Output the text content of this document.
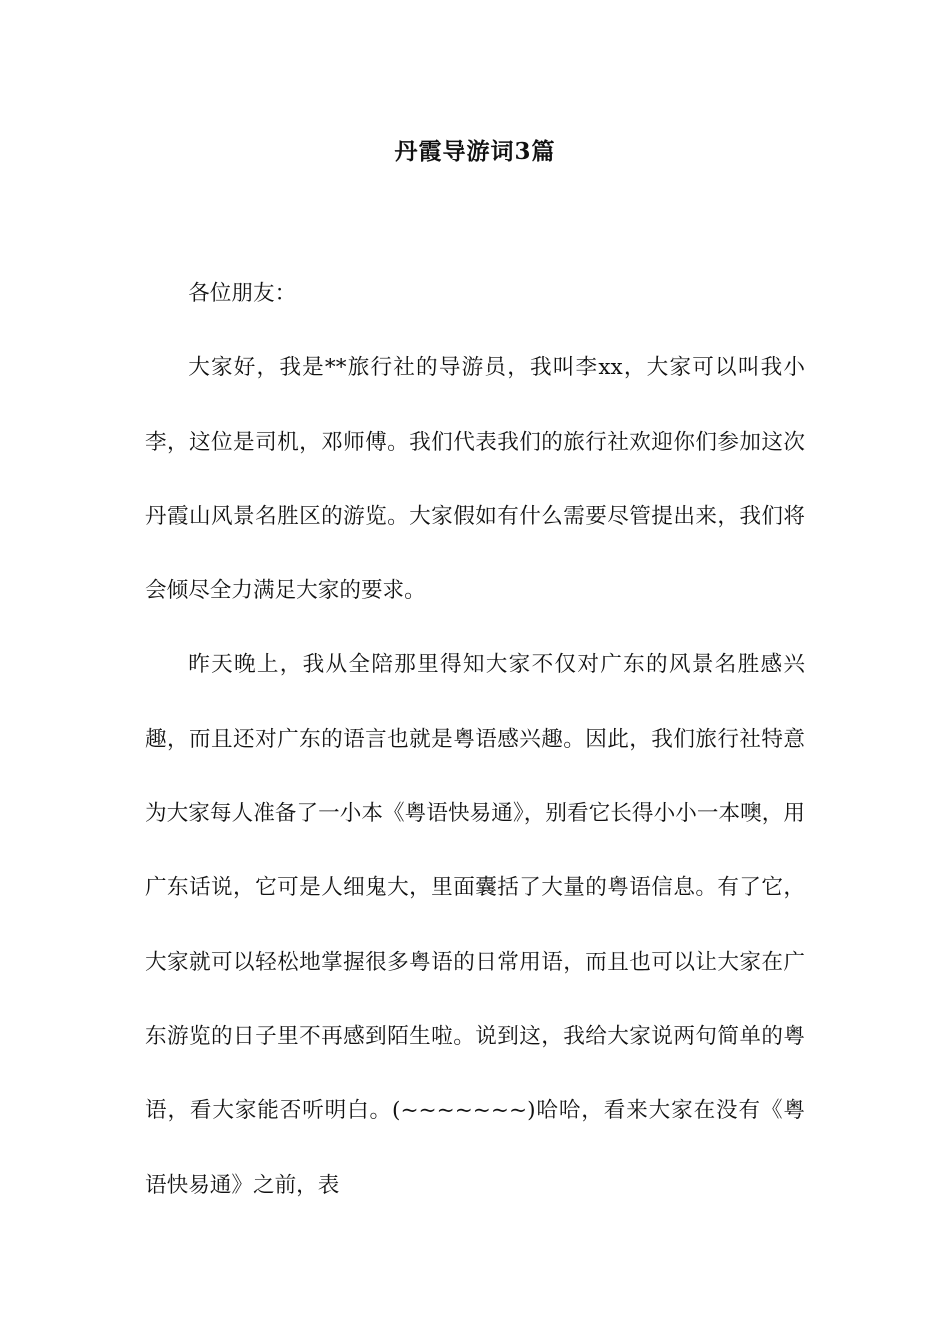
丹霞导游词3篇

各位朋友：

大家好，我是**旅行社的导游员，我叫李xx，大家可以叫我小李，这位是司机，邓师傅。我们代表我们的旅行社欢迎你们参加这次丹霞山风景名胜区的游览。大家假如有什么需要尽管提出来，我们将会倾尽全力满足大家的要求。

昨天晚上，我从全陪那里得知大家不仅对广东的风景名胜感兴趣，而且还对广东的语言也就是粤语感兴趣。因此，我们旅行社特意为大家每人准备了一小本《粤语快易通》，别看它长得小小一本噢，用广东话说，它可是人细鬼大，里面囊括了大量的粤语信息。有了它，大家就可以轻松地掌握很多粤语的日常用语，而且也可以让大家在广东游览的日子里不再感到陌生啦。说到这，我给大家说两句简单的粤语，看大家能否听明白。(~~~~~~~)哈哈，看来大家在没有《粤语快易通》之前，表
